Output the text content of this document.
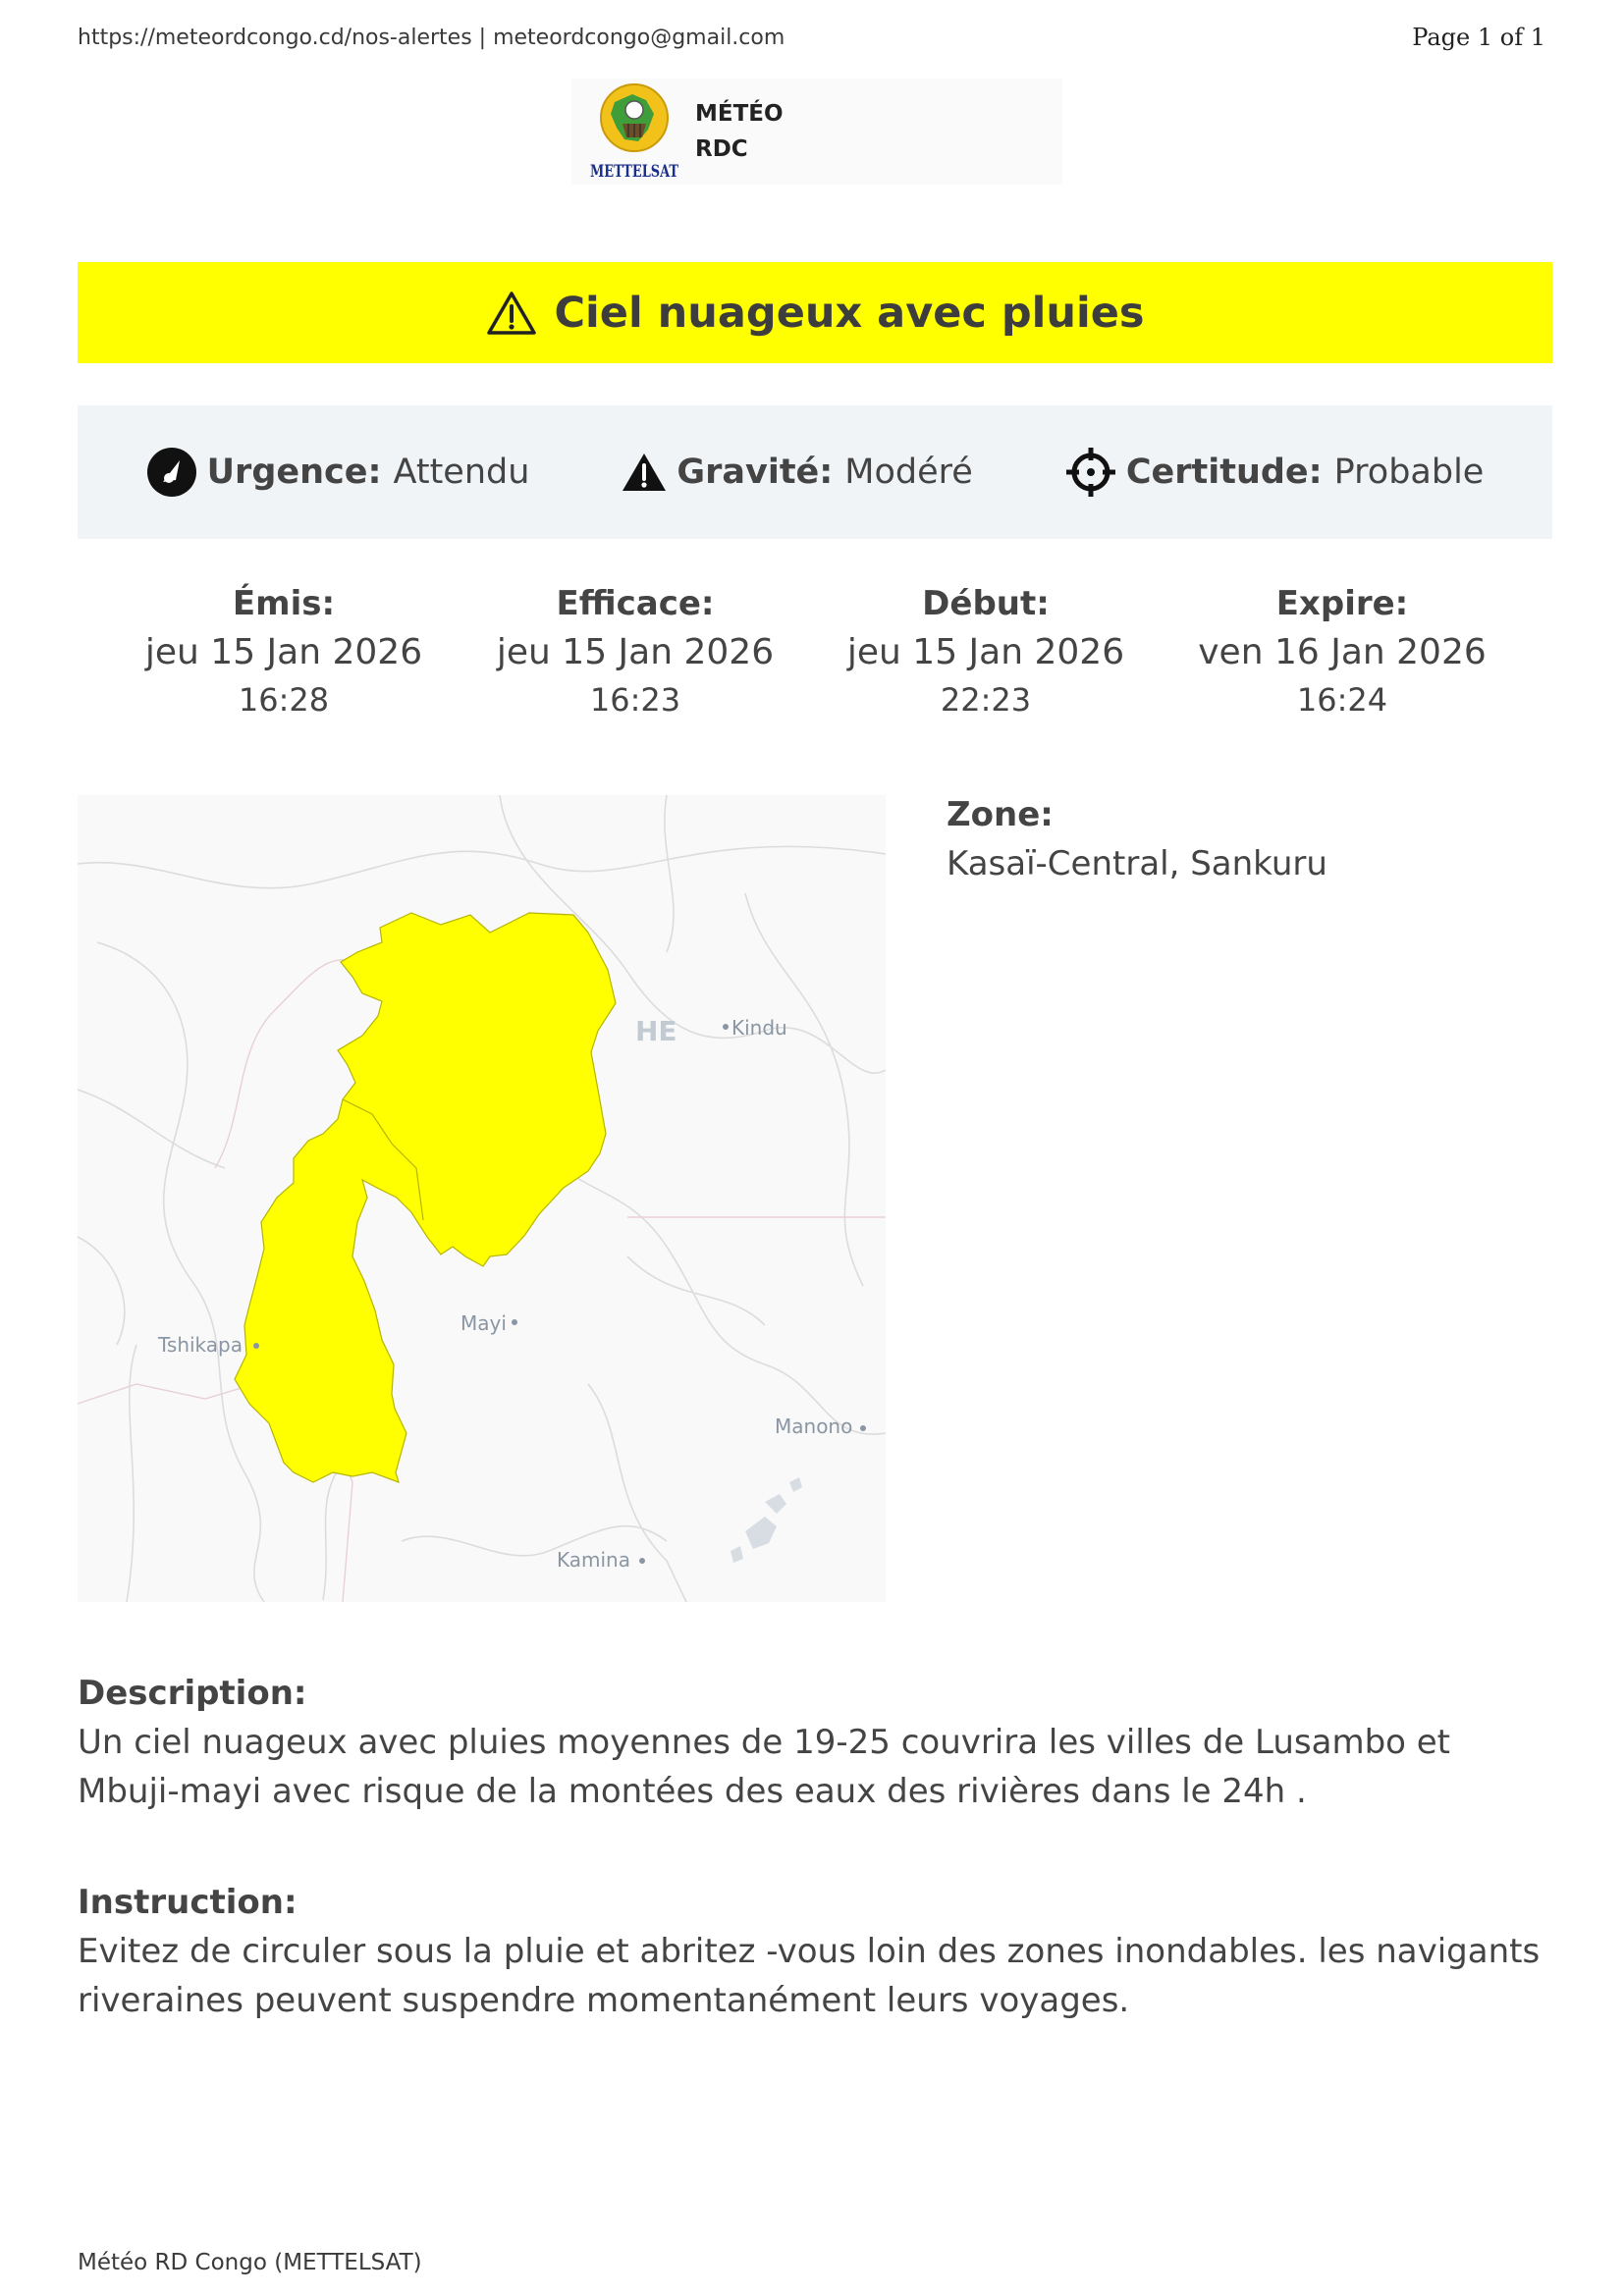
https://meteordcongo.cd/nos-alertes | meteordcongo@gmail.com	Page 1 of 1
METTELSAT
MÉTÉO
RDC
Ciel nuageux avec pluies
Urgence: Attendu	Gravité: Modéré	Certitude: Probable
Émis:
jeu 15 Jan 2026
16:28
Efficace:
jeu 15 Jan 2026
16:23
Début:
jeu 15 Jan 2026
22:23
Expire:
ven 16 Jan 2026
16:24
HE	Kindu
Mayi
Tshikapa
Manono
Kamina
Zone:
Kasaï-Central, Sankuru
Description:
Un ciel nuageux avec pluies moyennes de 19-25 couvrira les villes de Lusambo et Mbuji-mayi avec risque de la montées des eaux des rivières dans le 24h .
Instruction:
Evitez de circuler sous la pluie et abritez -vous loin des zones inondables. les navigants riveraines peuvent suspendre momentanément leurs voyages.
Météo RD Congo (METTELSAT)
